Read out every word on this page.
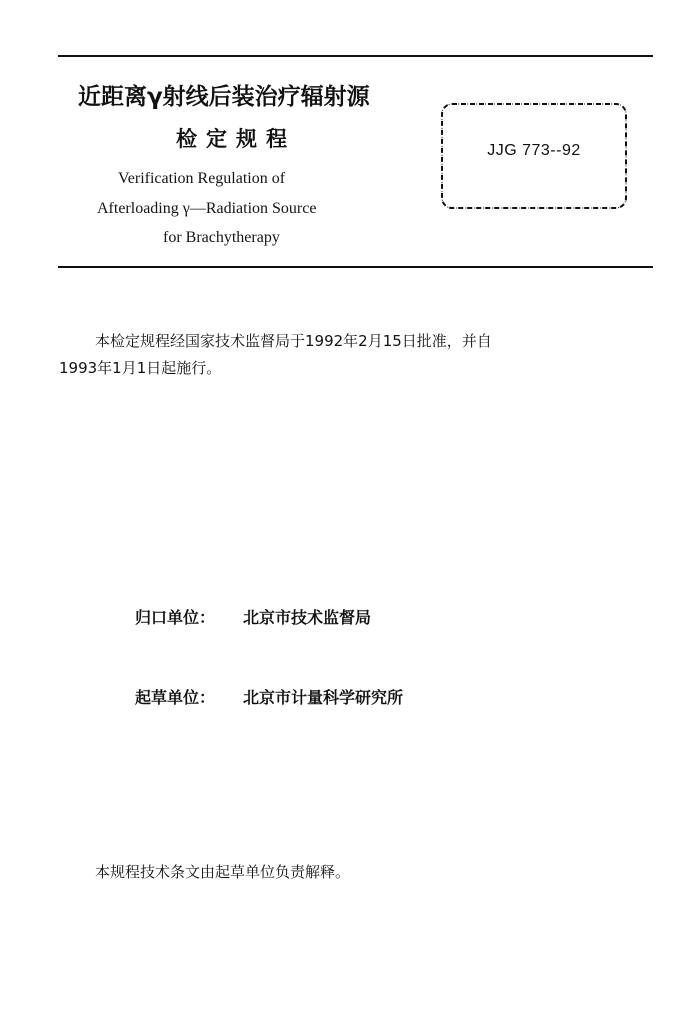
近距离γ射线后装治疗辐射源
检定规程
Verification Regulation of
Afterloading γ—Radiation Source
for Brachytherapy
JJG 773--92
本检定规程经国家技术监督局于1992年2月15日批准，并自
1993年1月1日起施行。
归口单位： 北京市技术监督局
起草单位： 北京市计量科学研究所
本规程技术条文由起草单位负责解释。
